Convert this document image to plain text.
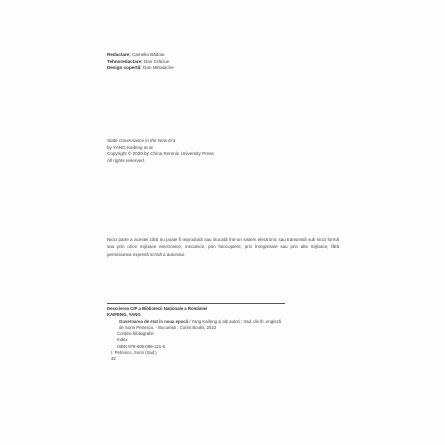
Redactare: Camelia Bădoiu
Tehnoredactare: Dan Crăciun
Design copertă: Dan Mihalache
State Governance in the New Era
by YANG Kaifeng et al.
Copyright © 2020 by China Renmin University Press
All rights reserved.

Nicio parte a acestei cărți nu poate fi reprodusă sau stocată într-un sistem electronic sau transmisă sub nicio formă sau prin orice mijloace electronice, mecanice, prin fotocopiere, prin înregistrare sau prin alte mijloace, fără permisiunea expresă scrisă a autorului.

Descrierea CIP a Bibliotecii Naționale a României
KAIFENG, YANG
Guvernarea de stat în noua epocă / Yang Kaifeng și alți autori ; trad. din lb. engleză de Sorin Petrescu. - București : Corint Books, 2022
Conține bibliografie
Index
ISBN 978-606-088-121-6
I. Petrescu, Sorin (trad.)
32
